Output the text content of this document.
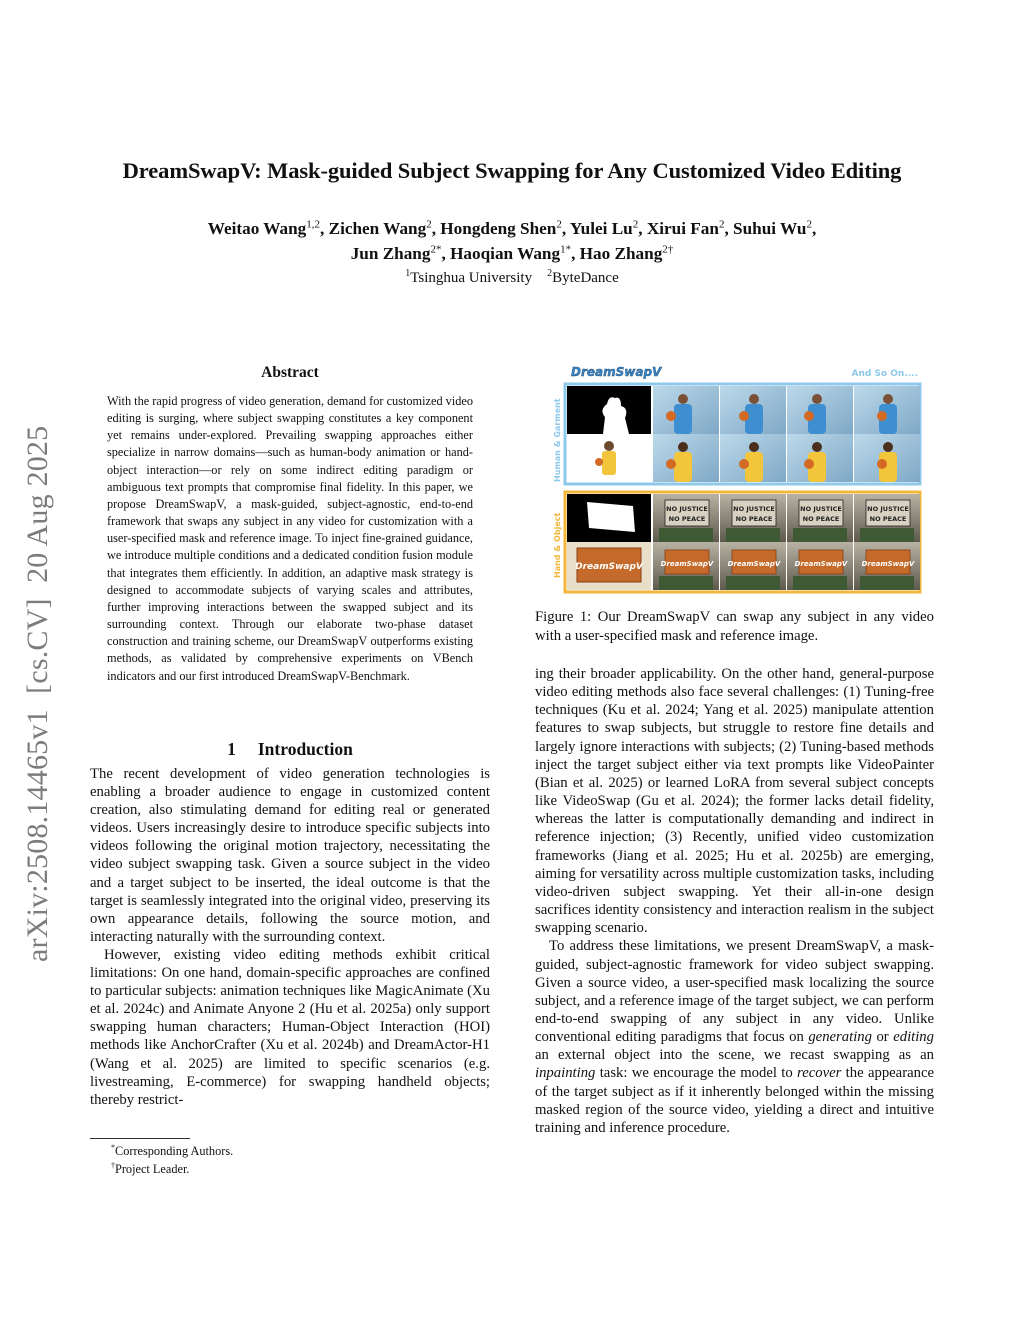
DreamSwapV: Mask-guided Subject Swapping for Any Customized Video Editing
Weitao Wang$^{1,2}$, Zichen Wang$^2$, Hongdeng Shen$^2$, Yulei Lu$^2$, Xirui Fan$^2$, Suhui Wu$^2$,
Jun Zhang$^{2*}$, Haoqian Wang$^{1*}$, Hao Zhang$^{2\dagger}$
$^1$Tsinghua University $^2$ByteDance
arXiv:2508.14465v1  [cs.CV]  20 Aug 2025
Abstract
With the rapid progress of video generation, demand for customized video editing is surging, where subject swapping constitutes a key component yet remains under-explored. Prevailing swapping approaches either specialize in narrow domains—such as human-body animation or hand-object interaction—or rely on some indirect editing paradigm or ambiguous text prompts that compromise final fidelity. In this paper, we propose DreamSwapV, a mask-guided, subject-agnostic, end-to-end framework that swaps any subject in any video for customization with a user-specified mask and reference image. To inject fine-grained guidance, we introduce multiple conditions and a dedicated condition fusion module that integrates them efficiently. In addition, an adaptive mask strategy is designed to accommodate subjects of varying scales and attributes, further improving interactions between the swapped subject and its surrounding context. Through our elaborate two-phase dataset construction and training scheme, our DreamSwapV outperforms existing methods, as validated by comprehensive experiments on VBench indicators and our first introduced DreamSwapV-Benchmark.
1 Introduction

The recent development of video generation technologies is enabling a broader audience to engage in customized content creation, also stimulating demand for editing real or generated videos. Users increasingly desire to introduce specific subjects into videos following the original motion trajectory, necessitating the video subject swapping task. Given a source subject in the video and a target subject to be inserted, the ideal outcome is that the target is seamlessly integrated into the original video, preserving its own appearance details, following the source motion, and interacting naturally with the surrounding context.

However, existing video editing methods exhibit critical limitations: On one hand, domain-specific approaches are confined to particular subjects: animation techniques like MagicAnimate (Xu et al. 2024c) and Animate Anyone 2 (Hu et al. 2025a) only support swapping human characters; Human-Object Interaction (HOI) methods like AnchorCrafter (Xu et al. 2024b) and DreamActor-H1 (Wang et al. 2025) are limited to specific scenarios (e.g. livestreaming, E-commerce) for swapping handheld objects; thereby restrict-

*Corresponding Authors.
†Project Leader.
DreamSwapV	And So On....
Human & Garment
Hand & Object DreamSwapV
NO JUSTICE
NO PEACE
NO JUSTICE
NO PEACE
NO JUSTICE
NO PEACE
NO JUSTICE
NO PEACE
DreamSwapV DreamSwapV DreamSwapV DreamSwapV
Figure 1: Our DreamSwapV can swap any subject in any video with a user-specified mask and reference image.

ing their broader applicability. On the other hand, general-purpose video editing methods also face several challenges: (1) Tuning-free techniques (Ku et al. 2024; Yang et al. 2025) manipulate attention features to swap subjects, but struggle to restore fine details and largely ignore interactions with subjects; (2) Tuning-based methods inject the target subject either via text prompts like VideoPainter (Bian et al. 2025) or learned LoRA from several subject concepts like VideoSwap (Gu et al. 2024); the former lacks detail fidelity, whereas the latter is computationally demanding and indirect in reference injection; (3) Recently, unified video customization frameworks (Jiang et al. 2025; Hu et al. 2025b) are emerging, aiming for versatility across multiple customization tasks, including video-driven subject swapping. Yet their all-in-one design sacrifices identity consistency and interaction realism in the subject swapping scenario.

To address these limitations, we present DreamSwapV, a mask-guided, subject-agnostic framework for video subject swapping. Given a source video, a user-specified mask localizing the source subject, and a reference image of the target subject, we can perform end-to-end swapping of any subject in any video. Unlike conventional editing paradigms that focus on generating or editing an external object into the scene, we recast swapping as an inpainting task: we encourage the model to recover the appearance of the target subject as if it inherently belonged within the missing masked region of the source video, yielding a direct and intuitive training and inference procedure.
